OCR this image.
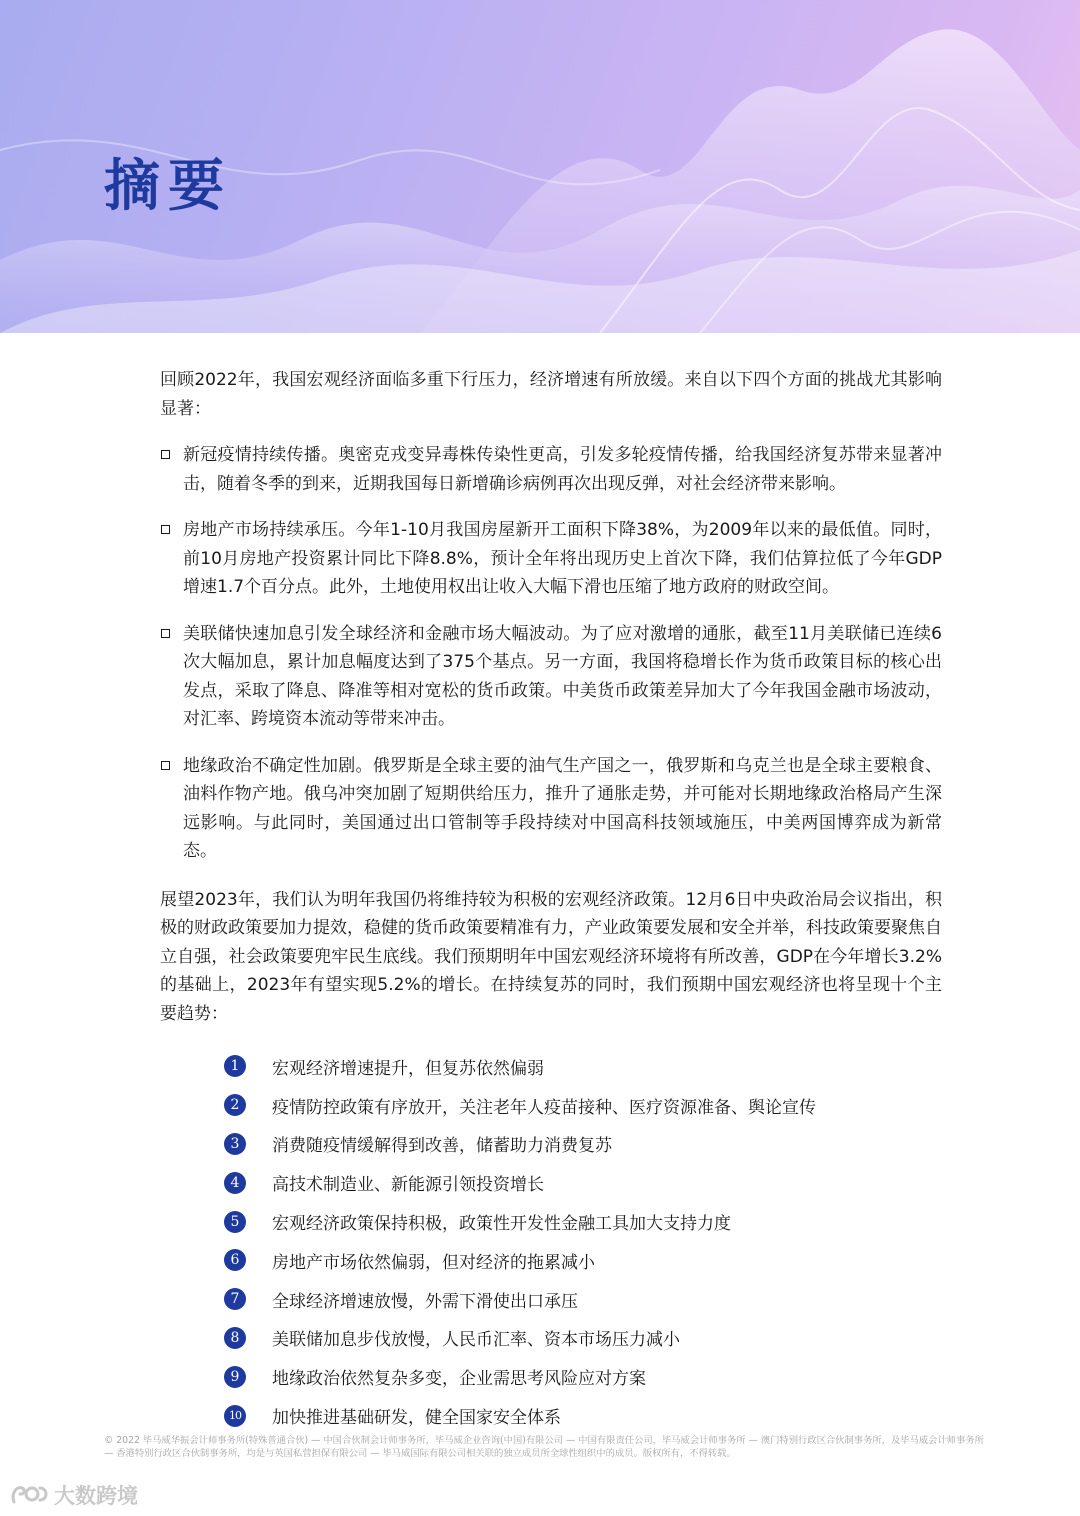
摘要

回顾2022年，我国宏观经济面临多重下行压力，经济增速有所放缓。来自以下四个方面的挑战尤其影响显著：

新冠疫情持续传播。奥密克戎变异毒株传染性更高，引发多轮疫情传播，给我国经济复苏带来显著冲击，随着冬季的到来，近期我国每日新增确诊病例再次出现反弹，对社会经济带来影响。

房地产市场持续承压。今年1-10月我国房屋新开工面积下降38%，为2009年以来的最低值。同时，前10月房地产投资累计同比下降8.8%，预计全年将出现历史上首次下降，我们估算拉低了今年GDP增速1.7个百分点。此外，土地使用权出让收入大幅下滑也压缩了地方政府的财政空间。

美联储快速加息引发全球经济和金融市场大幅波动。为了应对激增的通胀，截至11月美联储已连续6次大幅加息，累计加息幅度达到了375个基点。另一方面，我国将稳增长作为货币政策目标的核心出发点，采取了降息、降准等相对宽松的货币政策。中美货币政策差异加大了今年我国金融市场波动，对汇率、跨境资本流动等带来冲击。

地缘政治不确定性加剧。俄罗斯是全球主要的油气生产国之一，俄罗斯和乌克兰也是全球主要粮食、油料作物产地。俄乌冲突加剧了短期供给压力，推升了通胀走势，并可能对长期地缘政治格局产生深远影响。与此同时，美国通过出口管制等手段持续对中国高科技领域施压，中美两国博弈成为新常态。

展望2023年，我们认为明年我国仍将维持较为积极的宏观经济政策。12月6日中央政治局会议指出，积极的财政政策要加力提效，稳健的货币政策要精准有力，产业政策要发展和安全并举，科技政策要聚焦自立自强，社会政策要兜牢民生底线。我们预期明年中国宏观经济环境将有所改善，GDP在今年增长3.2%的基础上，2023年有望实现5.2%的增长。在持续复苏的同时，我们预期中国宏观经济也将呈现十个主要趋势：

1	宏观经济增速提升，但复苏依然偏弱
2	疫情防控政策有序放开，关注老年人疫苗接种、医疗资源准备、舆论宣传
3	消费随疫情缓解得到改善，储蓄助力消费复苏
4	高技术制造业、新能源引领投资增长
5	宏观经济政策保持积极，政策性开发性金融工具加大支持力度
6	房地产市场依然偏弱，但对经济的拖累减小
7	全球经济增速放慢，外需下滑使出口承压
8	美联储加息步伐放慢，人民币汇率、资本市场压力减小
9	地缘政治依然复杂多变，企业需思考风险应对方案
10 加快推进基础研发，健全国家安全体系

© 2022 毕马威华振会计师事务所(特殊普通合伙) — 中国合伙制会计师事务所，毕马威企业咨询(中国)有限公司 — 中国有限责任公司，毕马威会计师事务所 — 澳门特别行政区合伙制事务所，及毕马威会计师事务所 — 香港特别行政区合伙制事务所，均是与英国私营担保有限公司 — 毕马威国际有限公司相关联的独立成员所全球性组织中的成员。版权所有，不得转载。

大数跨境
